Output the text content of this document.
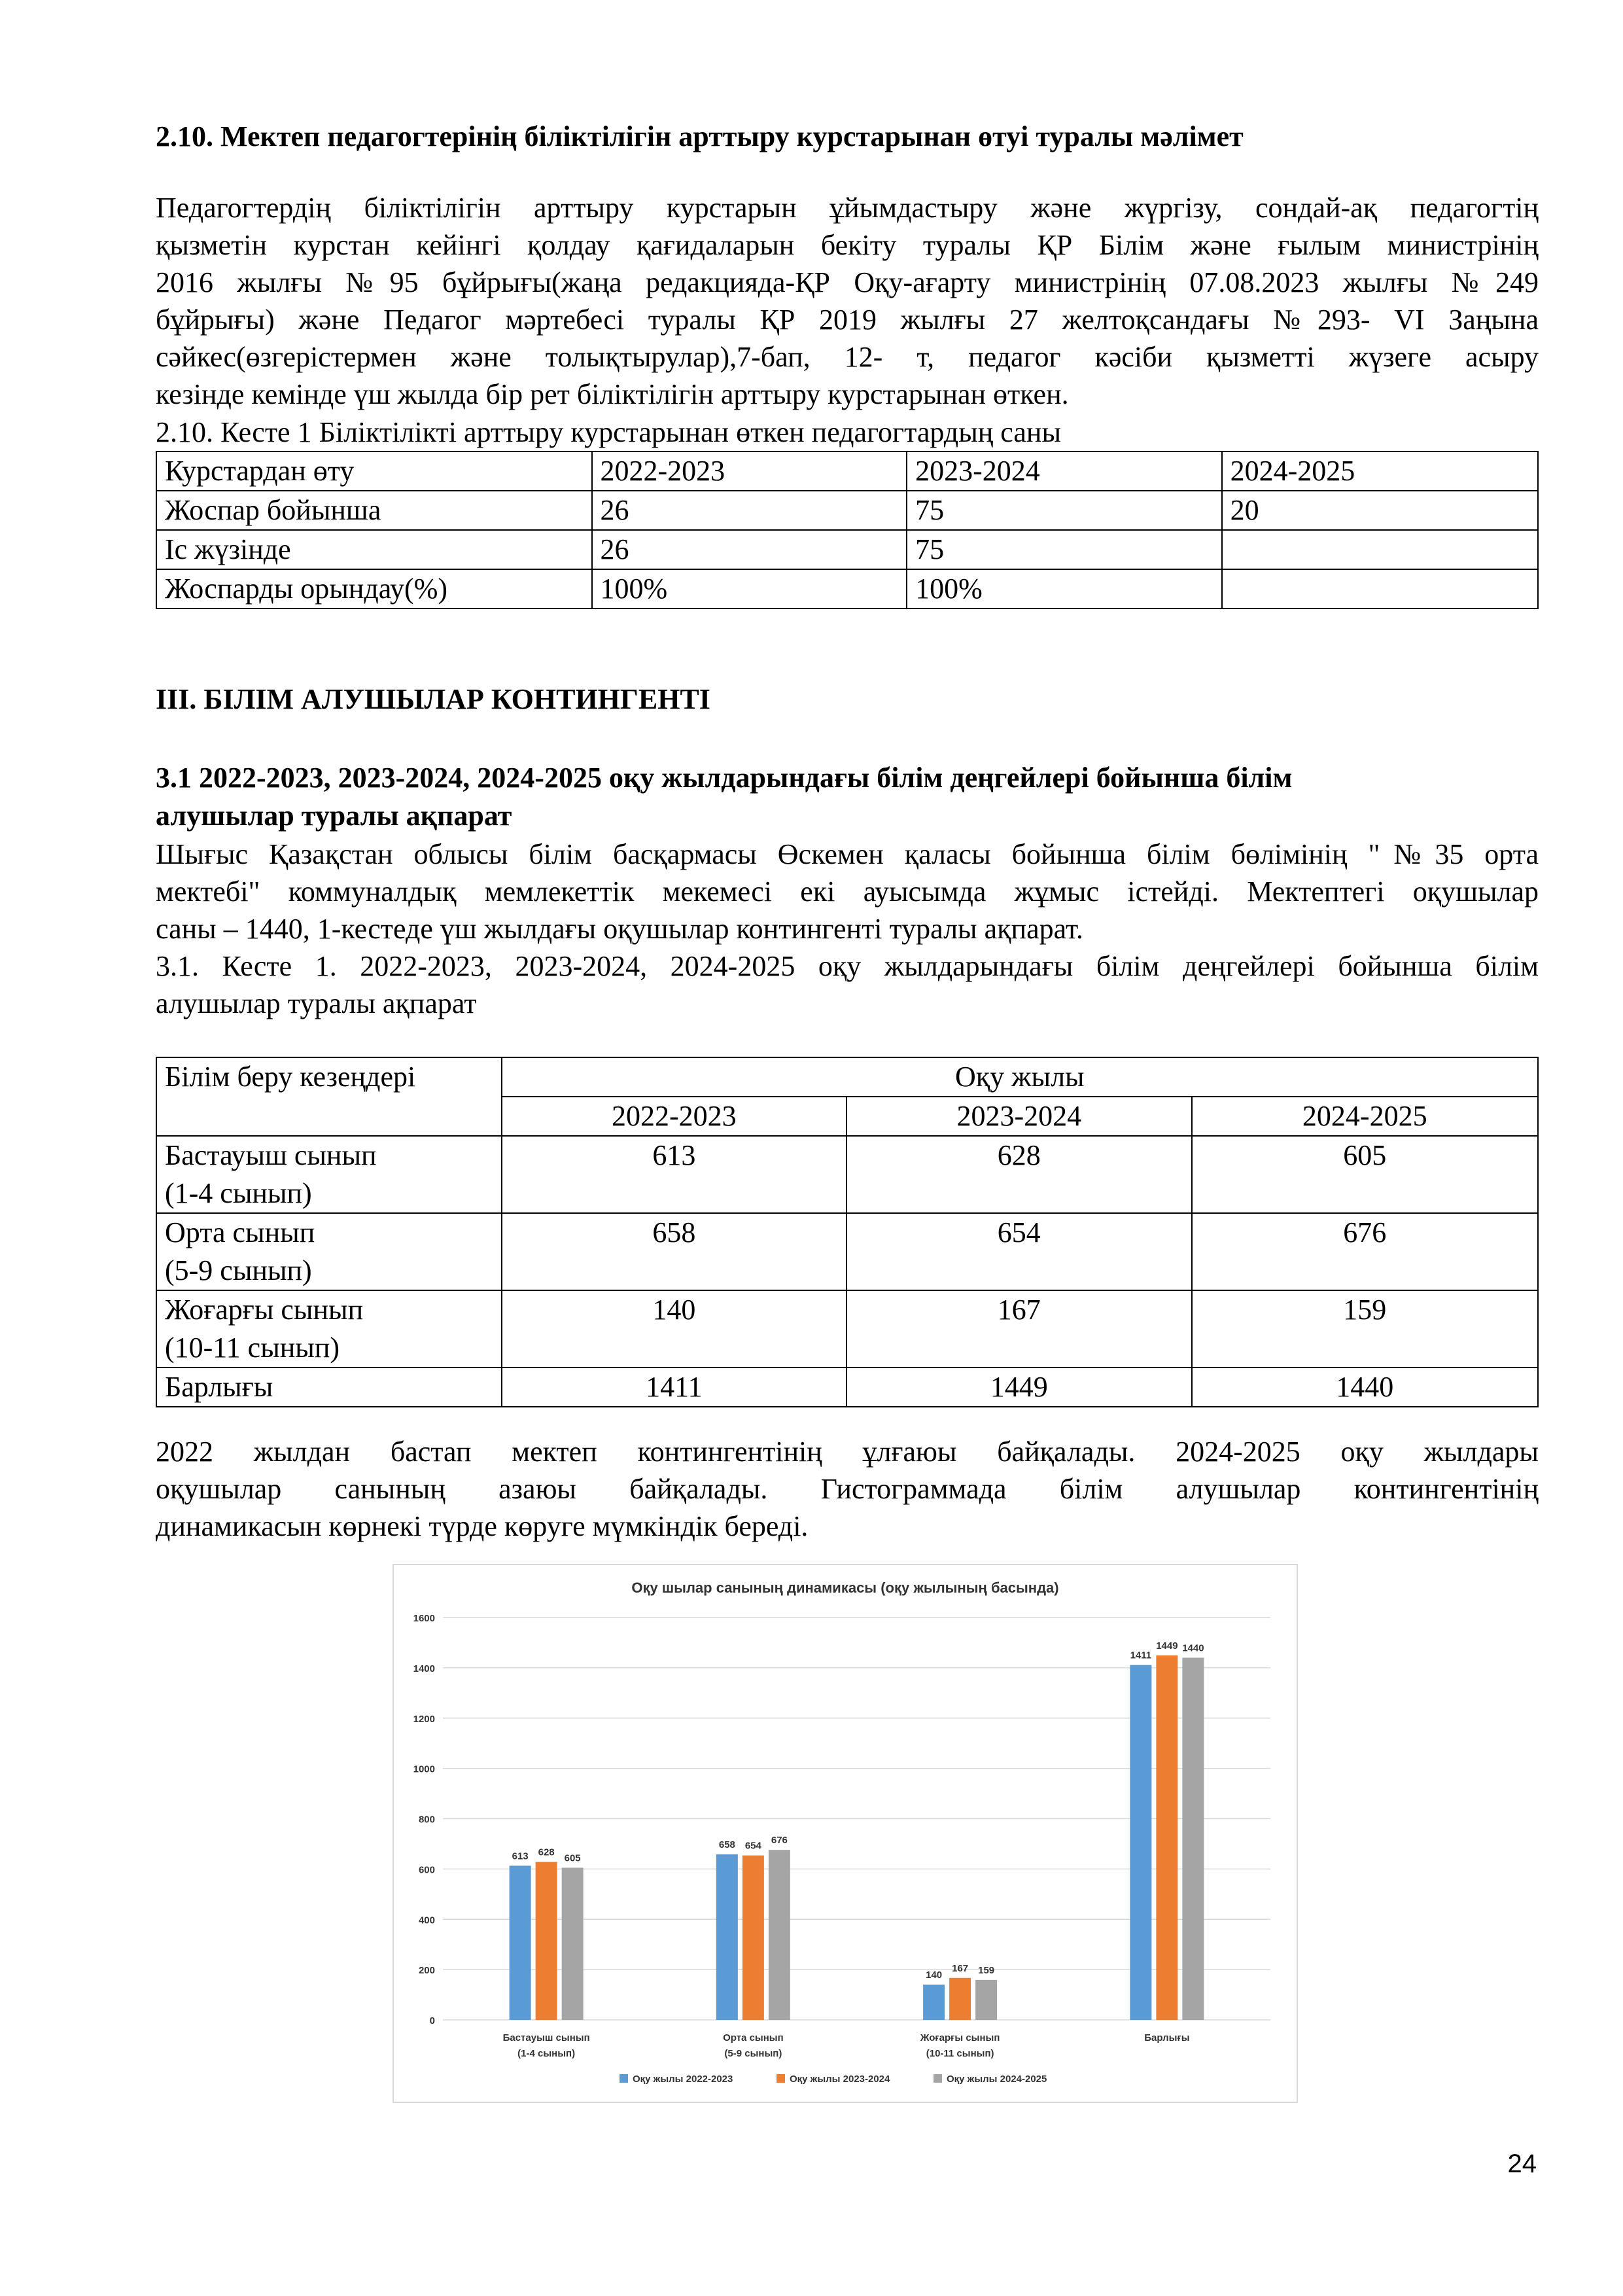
2.10. Мектеп педагогтерінің біліктілігін арттыру курстарынан өтуі туралы мәлімет
Педагогтердің біліктілігін арттыру курстарын ұйымдастыру және жүргізу, сондай-ақ педагогтің
қызметін курстан кейінгі қолдау қағидаларын бекіту туралы ҚР Білім және ғылым министрінің
2016 жылғы №95 бұйрығы(жаңа редакцияда-ҚР Оқу-ағарту министрінің 07.08.2023 жылғы №249
бұйрығы) және Педагог мәртебесі туралы ҚР 2019 жылғы 27 желтоқсандағы №293- VI Заңына
сәйкес(өзгерістермен және толықтырулар),7-бап, 12- т, педагог кәсіби қызметті жүзеге асыру
кезінде кемінде үш жылда бір рет біліктілігін арттыру курстарынан өткен.
2.10. Кесте 1 Біліктілікті арттыру курстарынан өткен педагогтардың саны
Курстардан өту	2022-2023	2023-2024	2024-2025
Жоспар бойынша	26	75	20
Іс жүзінде	26	75	
Жоспарды орындау(%)	100%	100%	
ІІІ. БІЛІМ АЛУШЫЛАР КОНТИНГЕНТІ
3.1 2022-2023, 2023-2024, 2024-2025 оқу жылдарындағы білім деңгейлері бойынша білім
алушылар туралы ақпарат
Шығыс Қазақстан облысы білім басқармасы Өскемен қаласы бойынша білім бөлімінің "№35 орта
мектебі" коммуналдық мемлекеттік мекемесі екі ауысымда жұмыс істейді. Мектептегі оқушылар
саны – 1440, 1-кестеде үш жылдағы оқушылар контингенті туралы ақпарат.
3.1. Кесте 1. 2022-2023, 2023-2024, 2024-2025 оқу жылдарындағы білім деңгейлері бойынша білім
алушылар туралы ақпарат
Білім беру кезеңдері	Оқу жылы		
	2022-2023	2023-2024	2024-2025
Бастауыш сынып
(1-4 сынып)	613	628	605
Орта сынып
(5-9 сынып)	658	654	676
Жоғарғы сынып
(10-11 сынып)	140	167	159
Барлығы	1411	1449	1440
2022 жылдан бастап мектеп контингентінің ұлғаюы байқалады. 2024-2025 оқу жылдары
оқушылар санының азаюы байқалады. Гистограммада білім алушылар контингентінің
динамикасын көрнекі түрде көруге мүмкіндік береді.
Оқу шылар санының динамикасы (оқу жылының басында)
0
200
400
600
800
1000
1200
1400
1600
613 628
605
Бастауыш сынып
(1-4 сынып)
658 654 676
Орта сынып
(5-9 сынып)
140
167 159
Жоғарғы сынып
(10-11 сынып)
1411
1449 1440
Барлығы
Оқу жылы 2022-2023	Оқу жылы 2023-2024	Оқу жылы 2024-2025
24
